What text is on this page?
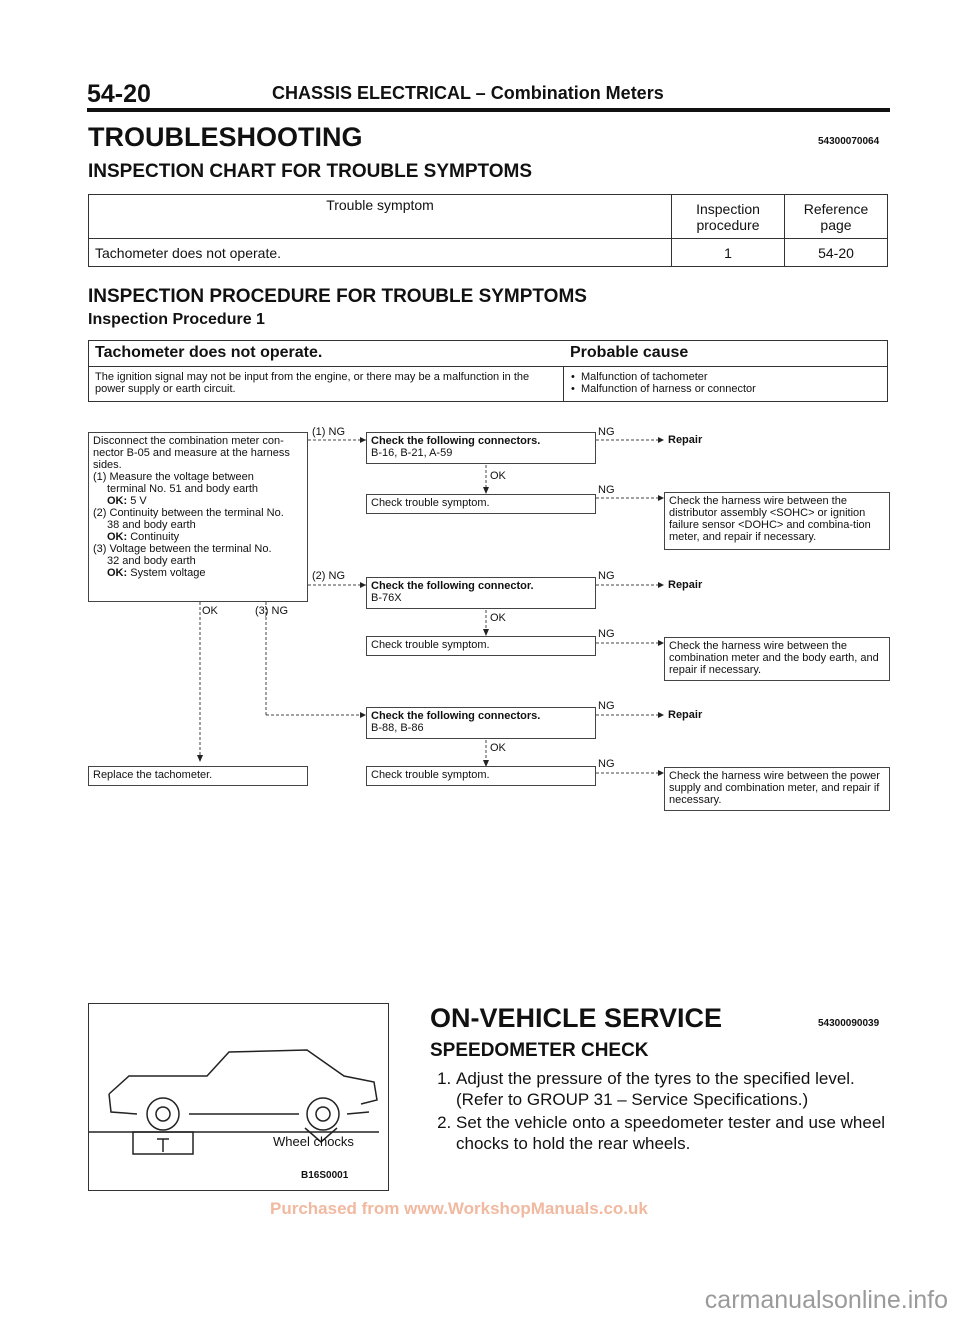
54-20	CHASSIS ELECTRICAL – Combination Meters
TROUBLESHOOTING	54300070064
INSPECTION CHART FOR TROUBLE SYMPTOMS
Trouble symptom	Inspection procedure	Reference page
Tachometer does not operate.	1	54-20
INSPECTION PROCEDURE FOR TROUBLE SYMPTOMS
Inspection Procedure 1
Tachometer does not operate.	Probable cause
The ignition signal may not be input from the engine, or there may be a malfunction in the power supply or earth circuit.
•  Malfunction of tachometer
•  Malfunction of harness or connector
Disconnect the combination meter con-
nector B-05 and measure at the harness
sides.
(1) Measure the voltage between
terminal No. 51 and body earth
OK: 5 V
(2) Continuity between the terminal No.
38 and body earth
OK: Continuity
(3) Voltage between the terminal No.
32 and body earth
OK: System voltage
(1) NG
(2) NG
(3) NG
OK
Check the following connectors.
B-16, B-21, A-59
OK
Check trouble symptom.
Check the following connector.
B-76X
OK
Check trouble symptom.
Check the following connectors.
B-88, B-86
OK
Check trouble symptom.
Replace the tachometer.
NG
NG
NG
NG
NG
NG
Repair
Check the harness wire between the distributor assembly <SOHC> or ignition failure sensor <DOHC> and combina-tion meter, and repair if necessary.
Repair
Check the harness wire between the combination meter and the body earth, and repair if necessary.
Repair
Check the harness wire between the power supply and combination meter, and repair if necessary.
Wheel chocks
B16S0001
ON-VEHICLE SERVICE	54300090039
SPEEDOMETER CHECK
1. Adjust the pressure of the tyres to the specified level. (Refer to GROUP 31 – Service Specifications.)
2. Set the vehicle onto a speedometer tester and use wheel chocks to hold the rear wheels.
Purchased from www.WorkshopManuals.co.uk
carmanualsonline.info
